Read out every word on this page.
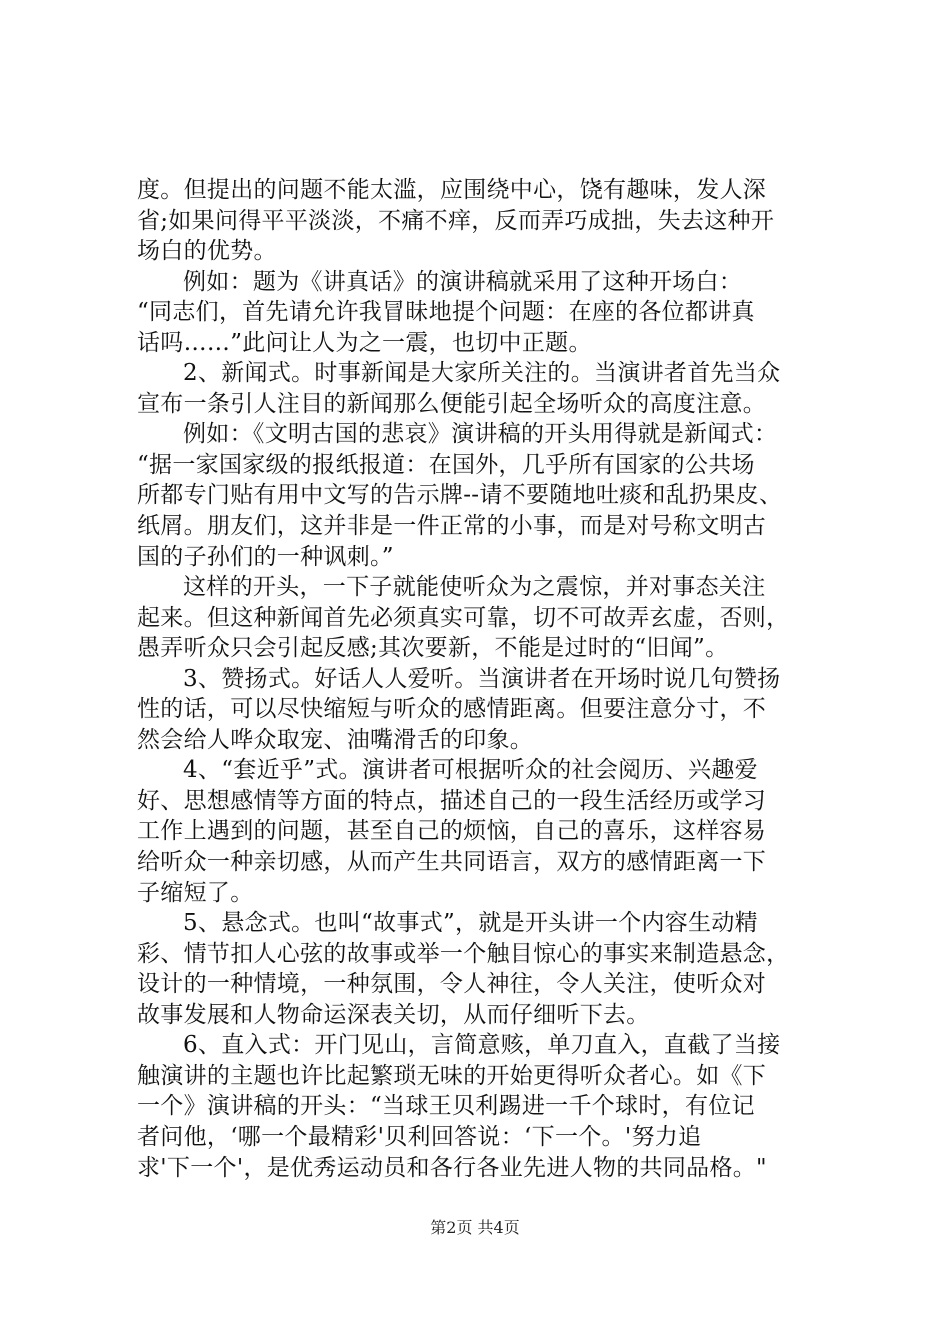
度。但提出的问题不能太滥，应围绕中心，饶有趣味，发人深
省;如果问得平平淡淡，不痛不痒，反而弄巧成拙，失去这种开
场白的优势。
例如：题为《讲真话》的演讲稿就采用了这种开场白：
“同志们，首先请允许我冒昧地提个问题：在座的各位都讲真
话吗……”此问让人为之一震，也切中正题。
2、新闻式。时事新闻是大家所关注的。当演讲者首先当众
宣布一条引人注目的新闻那么便能引起全场听众的高度注意。
例如：《文明古国的悲哀》演讲稿的开头用得就是新闻式：
“据一家国家级的报纸报道：在国外，几乎所有国家的公共场
所都专门贴有用中文写的告示牌--请不要随地吐痰和乱扔果皮、
纸屑。朋友们，这并非是一件正常的小事，而是对号称文明古
国的子孙们的一种讽刺。”
这样的开头，一下子就能使听众为之震惊，并对事态关注
起来。但这种新闻首先必须真实可靠，切不可故弄玄虚，否则，
愚弄听众只会引起反感;其次要新，不能是过时的“旧闻”。
3、赞扬式。好话人人爱听。当演讲者在开场时说几句赞扬
性的话，可以尽快缩短与听众的感情距离。但要注意分寸，不
然会给人哗众取宠、油嘴滑舌的印象。
4、“套近乎”式。演讲者可根据听众的社会阅历、兴趣爱
好、思想感情等方面的特点，描述自己的一段生活经历或学习
工作上遇到的问题，甚至自己的烦恼，自己的喜乐，这样容易
给听众一种亲切感，从而产生共同语言，双方的感情距离一下
子缩短了。
5、悬念式。也叫“故事式”，就是开头讲一个内容生动精
彩、情节扣人心弦的故事或举一个触目惊心的事实来制造悬念，
设计的一种情境，一种氛围，令人神往，令人关注，使听众对
故事发展和人物命运深表关切，从而仔细听下去。
6、直入式：开门见山，言简意赅，单刀直入，直截了当接
触演讲的主题也许比起繁琐无味的开始更得听众者心。如《下
一个》演讲稿的开头：“当球王贝利踢进一千个球时，有位记
者问他，‘哪一个最精彩'贝利回答说：‘下一个。'努力追
求'下一个'，是优秀运动员和各行各业先进人物的共同品格。"
第2页 共4页
